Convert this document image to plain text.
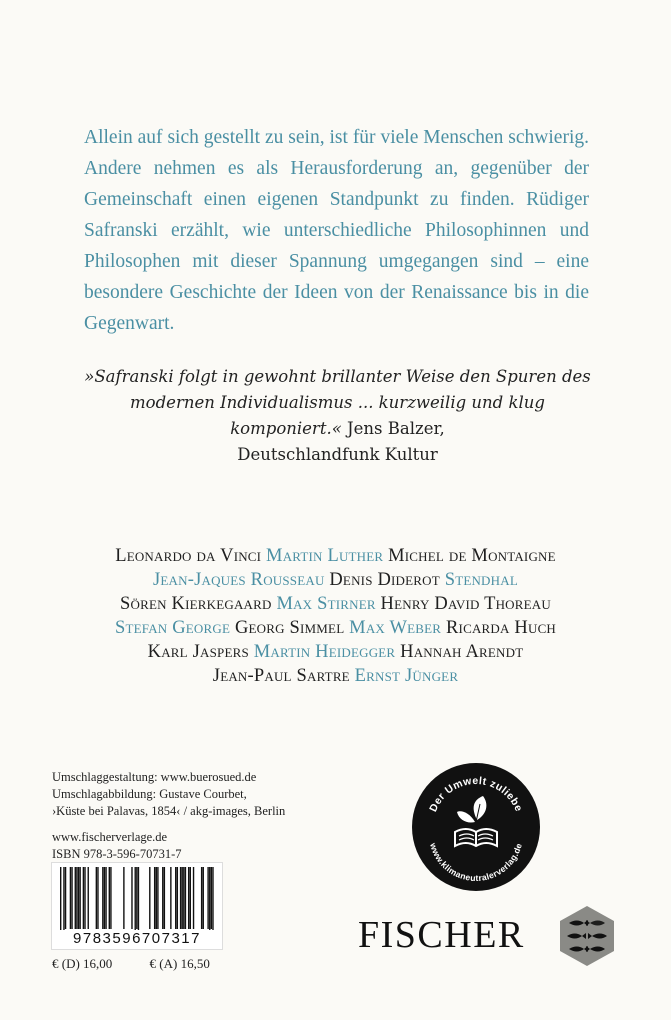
Allein auf sich gestellt zu sein, ist für viele Menschen schwierig. Andere nehmen es als Herausforderung an, gegenüber der Gemeinschaft einen eigenen Standpunkt zu finden. Rüdiger Safranski erzählt, wie unterschiedliche Philosophinnen und Philosophen mit dieser Spannung umgegangen sind – eine besondere Geschichte der Ideen von der Renaissance bis in die Gegenwart.

»Safranski folgt in gewohnt brillanter Weise den Spuren des modernen Individualismus ... kurzweilig und klug komponiert.« Jens Balzer,
Deutschlandfunk Kultur
Leonardo da Vinci Martin Luther Michel de Montaigne
Jean-Jaques Rousseau Denis Diderot Stendhal
Sören Kierkegaard Max Stirner Henry David Thoreau
Stefan George Georg Simmel Max Weber Ricarda Huch
Karl Jaspers Martin Heidegger Hannah Arendt
Jean-Paul Sartre Ernst Jünger
Umschlaggestaltung: www.buerosued.de
Umschlagabbildung: Gustave Courbet,
›Küste bei Palavas, 1854‹ / akg-images, Berlin
www.fischerverlage.de
ISBN 978-3-596-70731-7
9783596707317
€ (D) 16,00	€ (A) 16,50
Der Umwelt zuliebe
www.klimaneutralerverlag.de
FISCHER
